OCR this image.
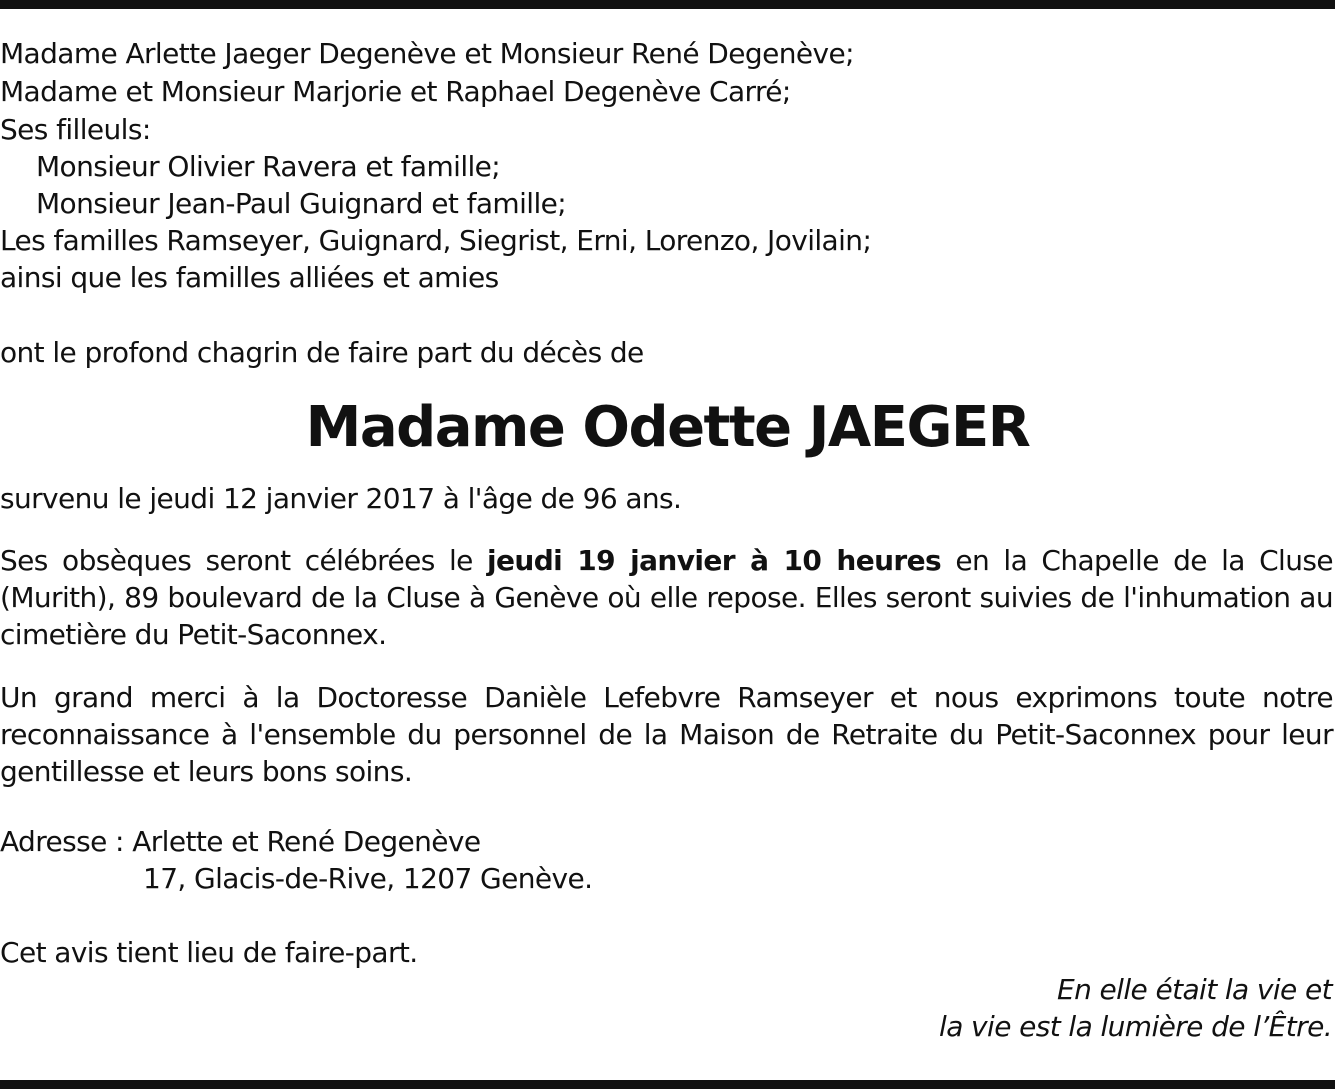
Madame Arlette Jaeger Degenève et Monsieur René Degenève;
Madame et Monsieur Marjorie et Raphael Degenève Carré;
Ses filleuls:
Monsieur Olivier Ravera et famille;
Monsieur Jean-Paul Guignard et famille;
Les familles Ramseyer, Guignard, Siegrist, Erni, Lorenzo, Jovilain;
ainsi que les familles alliées et amies
ont le profond chagrin de faire part du décès de
Madame Odette JAEGER
survenu le jeudi 12 janvier 2017 à l'âge de 96 ans.
Ses obsèques seront célébrées le jeudi 19 janvier à 10 heures en la Chapelle de la Cluse (Murith), 89 boulevard de la Cluse à Genève où elle repose. Elles seront suivies de l'inhumation au cimetière du Petit-Saconnex.
Un grand merci à la Doctoresse Danièle Lefebvre Ramseyer et nous exprimons toute notre reconnaissance à l'ensemble du personnel de la Maison de Retraite du Petit-Saconnex pour leur gentillesse et leurs bons soins.
Adresse : Arlette et René Degenève
17, Glacis-de-Rive, 1207 Genève.
Cet avis tient lieu de faire-part.
En elle était la vie et
la vie est la lumière de l’Être.
